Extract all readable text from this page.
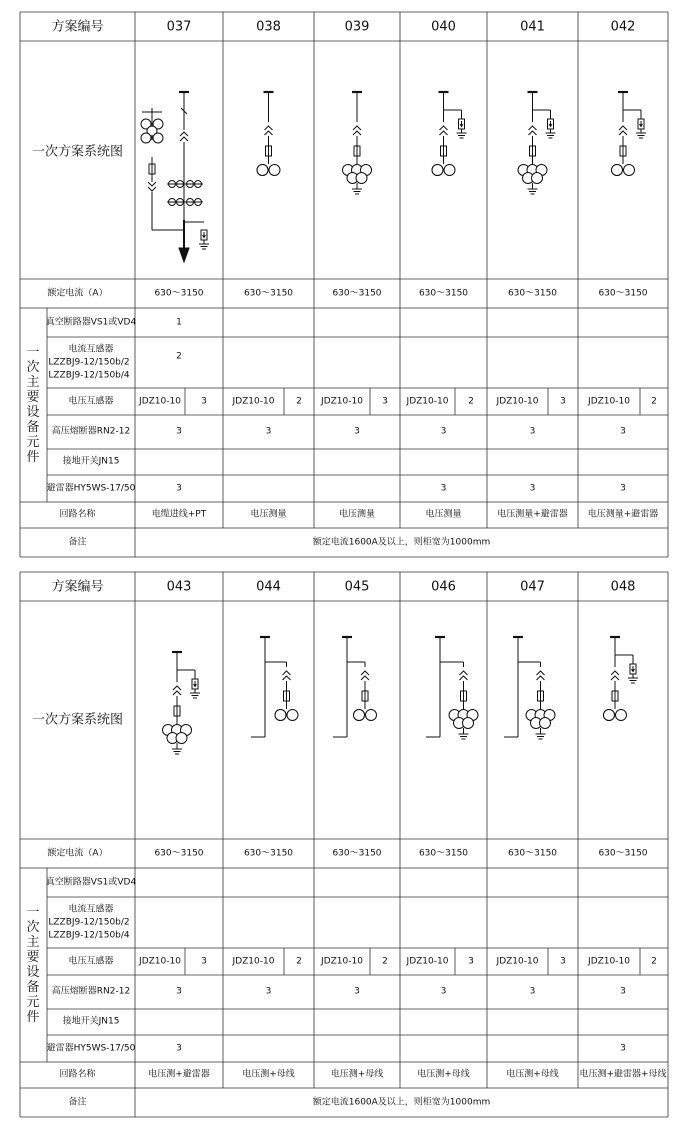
方案编号
一次方案系统图
额定电流（A）
真空断路器VS1或VD4
电流互感器
LZZBJ9-12/150b/2
LZZBJ9-12/150b/4
电压互感器
高压熔断器RN2-12
接地开关JN15
避雷器HY5WS-17/50
回路名称
备注
一
次
主
要
设
备
元
件
037
630～3150
1
2
JDZ10-10 3
3
3
电缆进线+PT
038
630～3150
JDZ10-10 2
3
电压测量
039
630～3150
JDZ10-10 3
3
电压测量
040
630～3150
JDZ10-10 2
3
3
电压测量
041
630～3150
JDZ10-10 3
3
3
电压测量+避雷器
042
630～3150
JDZ10-10 2
3
3
电压测量+避雷器
额定电流1600A及以上，则柜宽为1000mm
方案编号
一次方案系统图
额定电流（A）
真空断路器VS1或VD4
电流互感器
LZZBJ9-12/150b/2
LZZBJ9-12/150b/4
电压互感器
高压熔断器RN2-12
接地开关JN15
避雷器HY5WS-17/50
回路名称
备注
一
次
主
要
设
备
元
件
043
630～3150
JDZ10-10 3
3
3
电压测+避雷器
044
630～3150
JDZ10-10 2
3
电压测+母线
045
630～3150
JDZ10-10 2
3
电压测+母线
046
630～3150
JDZ10-10 3
3
电压测+母线
047
630～3150
JDZ10-10 3
3
电压测+母线
048
630～3150
JDZ10-10 2
3
3
电压测+避雷器+母线
额定电流1600A及以上，则柜宽为1000mm
